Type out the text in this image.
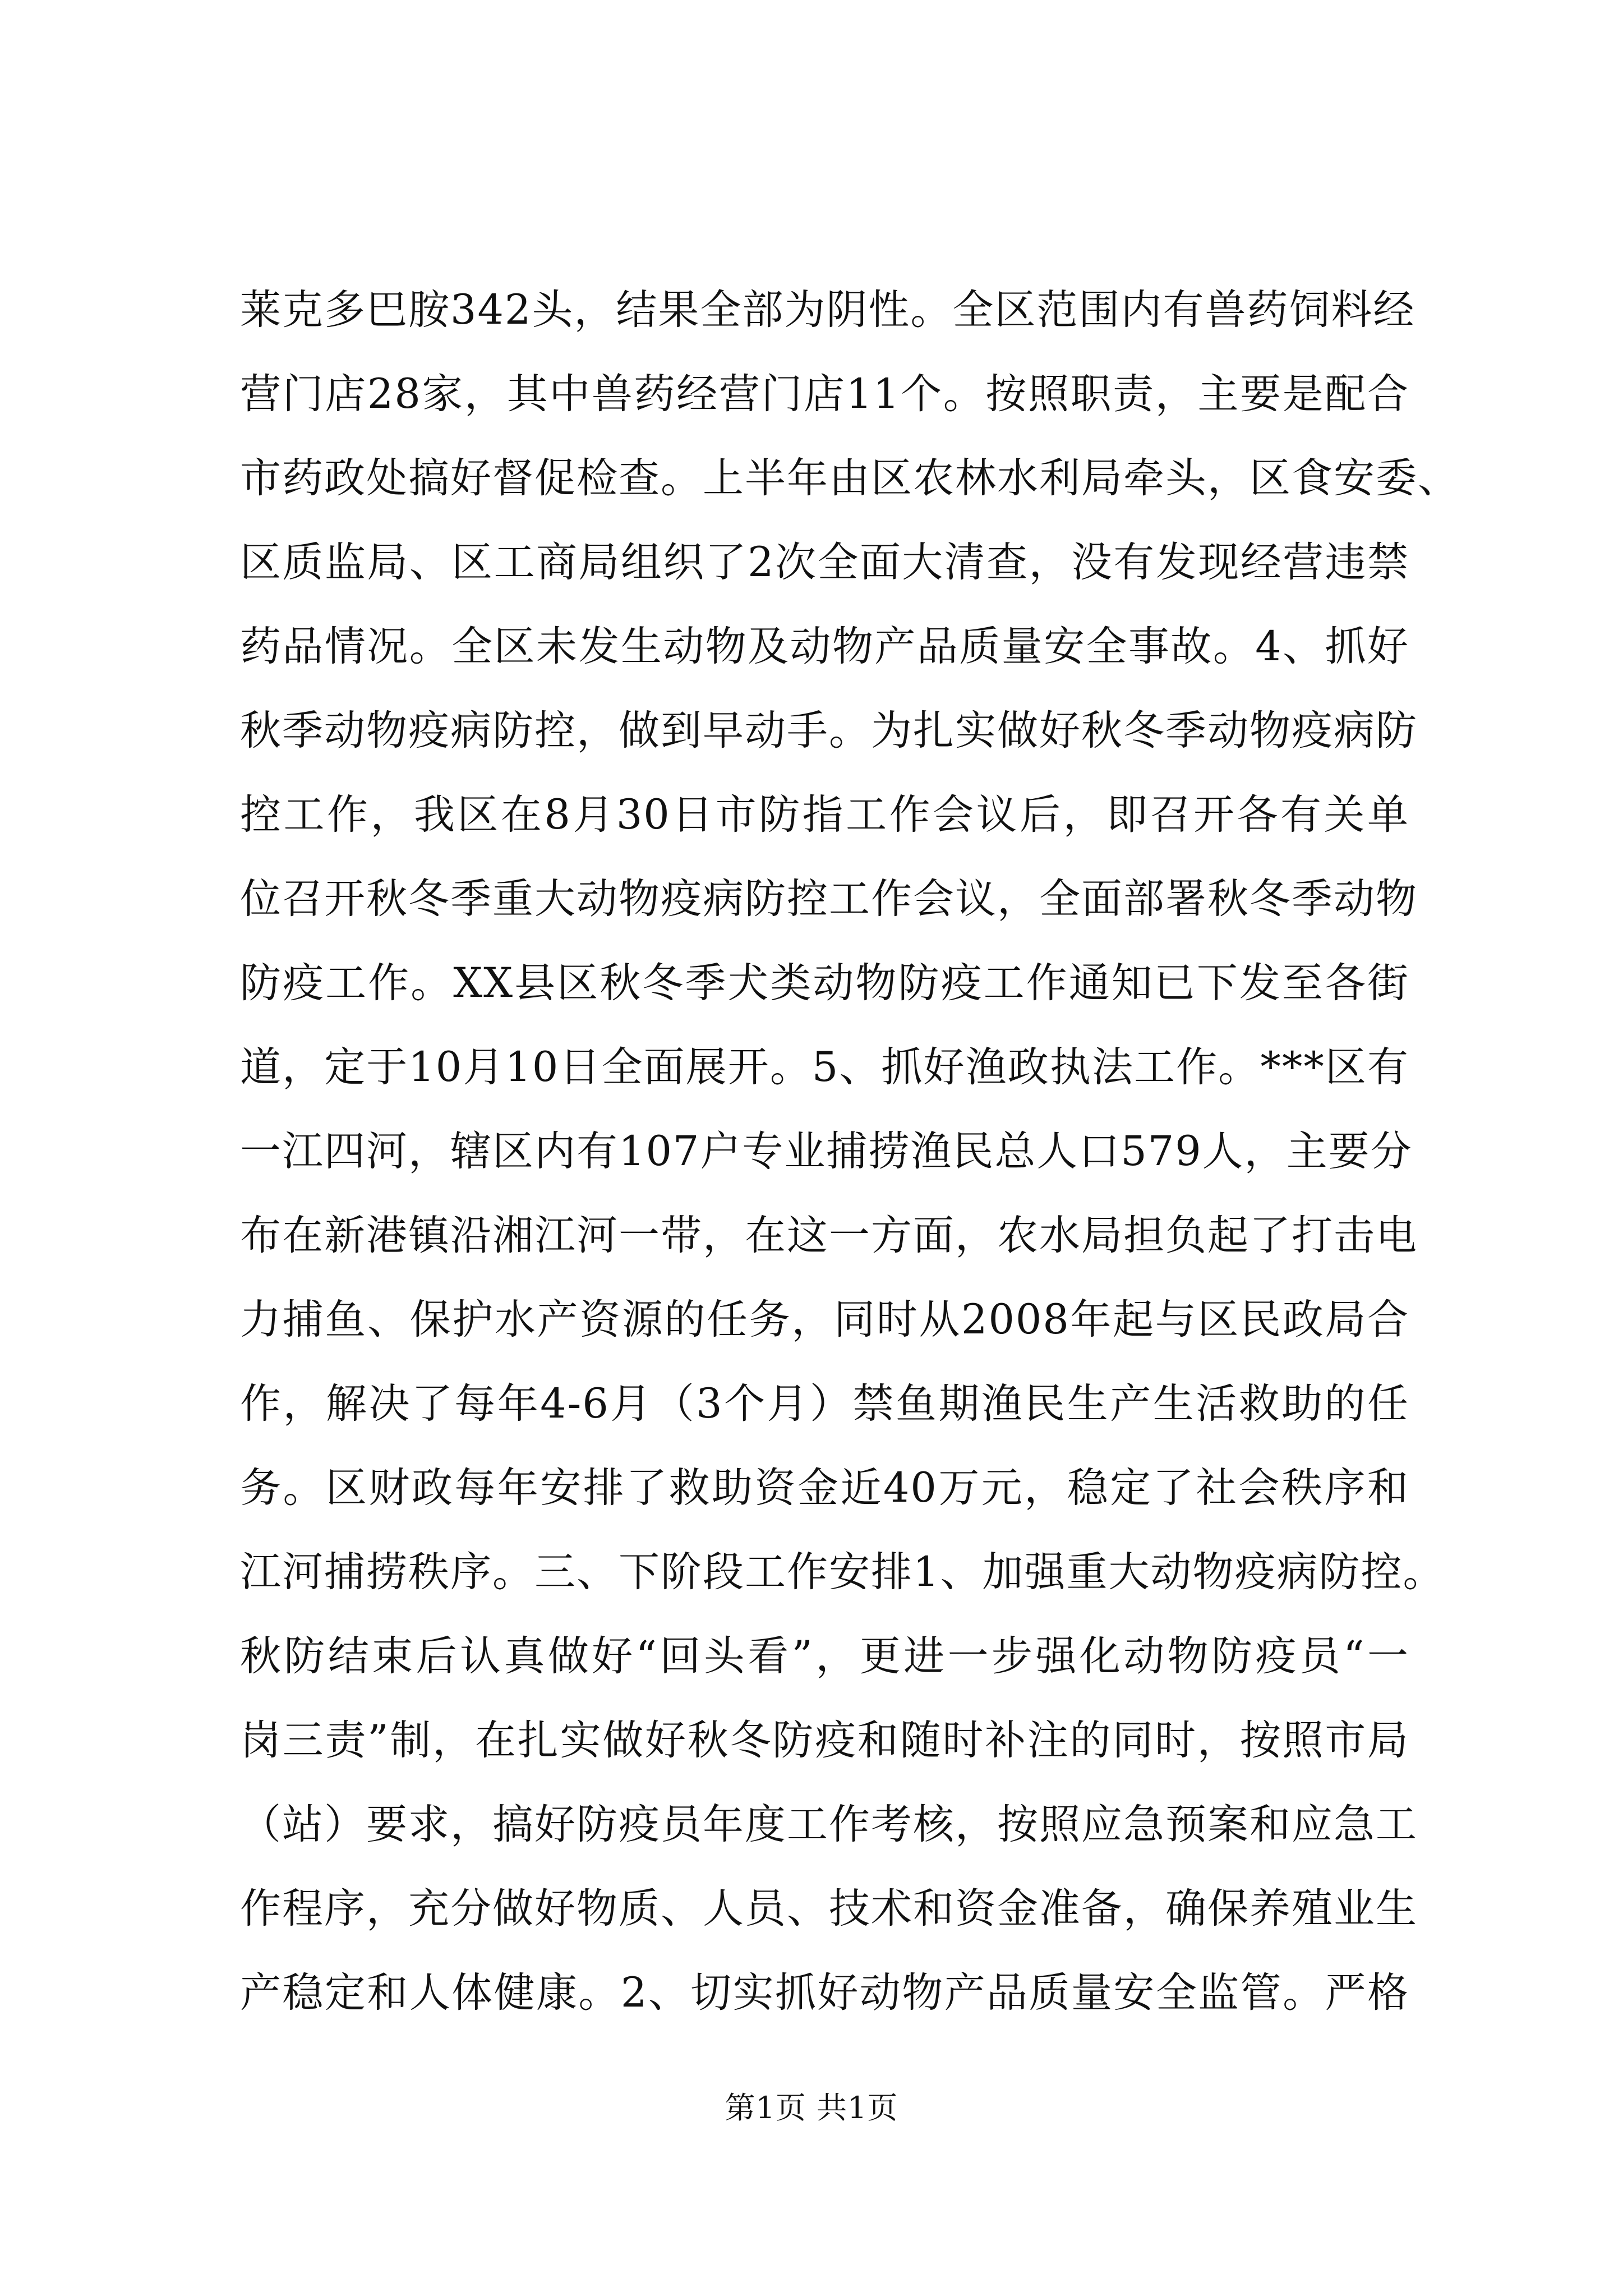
莱克多巴胺342头，结果全部为阴性。全区范围内有兽药饲料经
营门店28家，其中兽药经营门店11个。按照职责，主要是配合
市药政处搞好督促检查。上半年由区农林水利局牵头，区食安委、
区质监局、区工商局组织了2次全面大清查，没有发现经营违禁
药品情况。全区未发生动物及动物产品质量安全事故。4、抓好
秋季动物疫病防控，做到早动手。为扎实做好秋冬季动物疫病防
控工作，我区在8月30日市防指工作会议后，即召开各有关单
位召开秋冬季重大动物疫病防控工作会议，全面部署秋冬季动物
防疫工作。XX县区秋冬季犬类动物防疫工作通知已下发至各街
道，定于10月10日全面展开。5、抓好渔政执法工作。***区有
一江四河，辖区内有107户专业捕捞渔民总人口579人，主要分
布在新港镇沿湘江河一带，在这一方面，农水局担负起了打击电
力捕鱼、保护水产资源的任务，同时从2008年起与区民政局合
作，解决了每年4-6月（3个月）禁鱼期渔民生产生活救助的任
务。区财政每年安排了救助资金近40万元，稳定了社会秩序和
江河捕捞秩序。三、下阶段工作安排1、加强重大动物疫病防控。
秋防结束后认真做好“回头看”，更进一步强化动物防疫员“一
岗三责”制，在扎实做好秋冬防疫和随时补注的同时，按照市局
（站）要求，搞好防疫员年度工作考核，按照应急预案和应急工
作程序，充分做好物质、人员、技术和资金准备，确保养殖业生
产稳定和人体健康。2、切实抓好动物产品质量安全监管。严格
第1页 共1页
